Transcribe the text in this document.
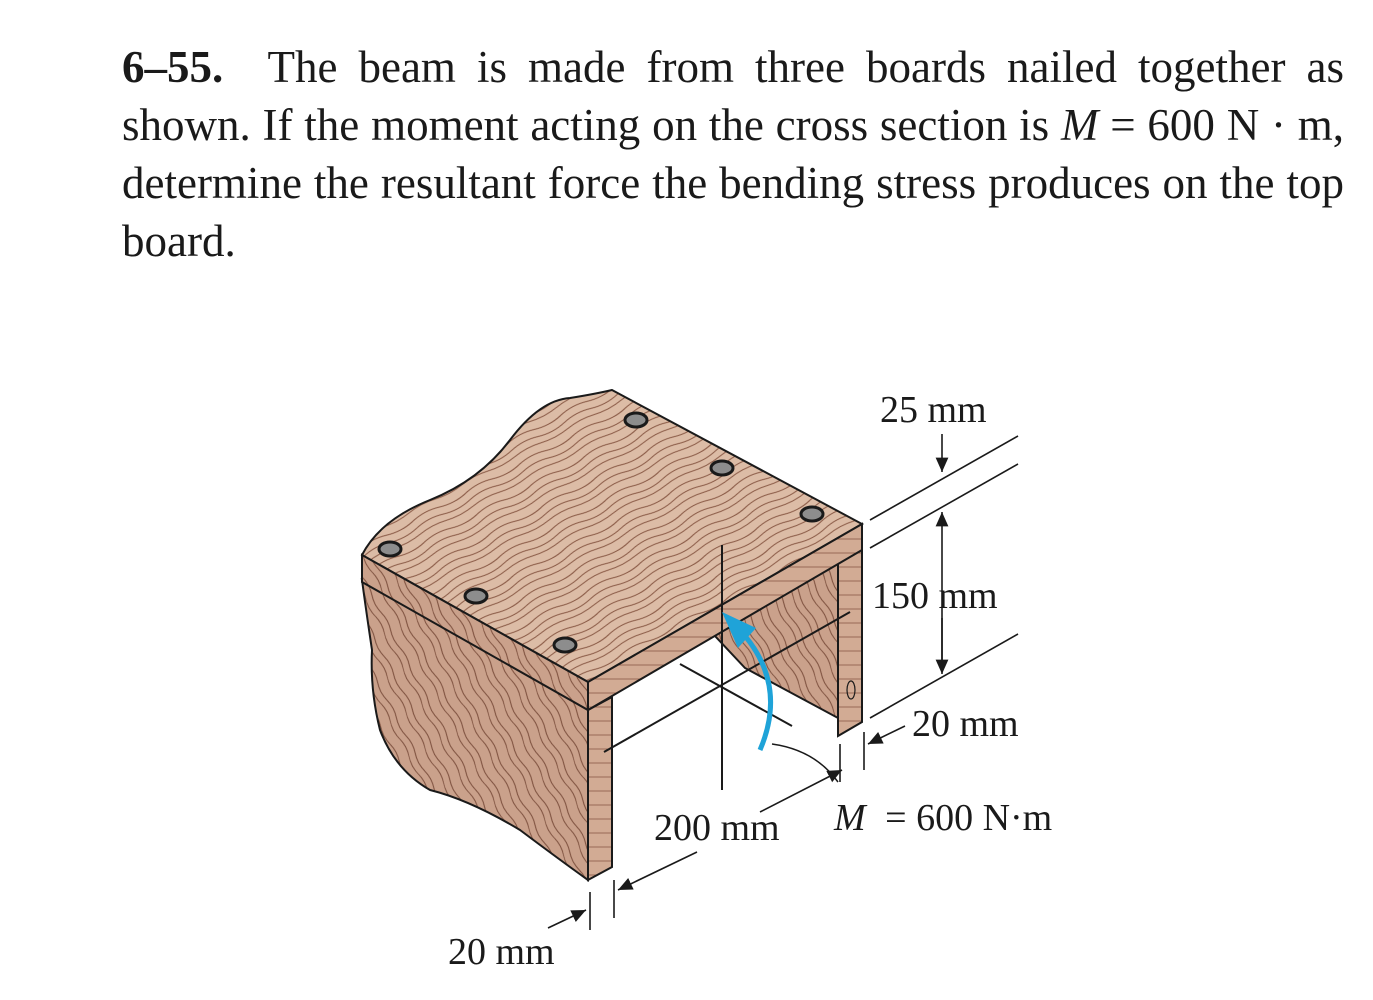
6–55. The beam is made from three boards nailed together as shown. If the moment acting on the cross section is M = 600 N · m, determine the resultant force the bending stress produces on the top board.
25 mm
150 mm
20 mm
200 mm
20 mm
M = 600 N·m
